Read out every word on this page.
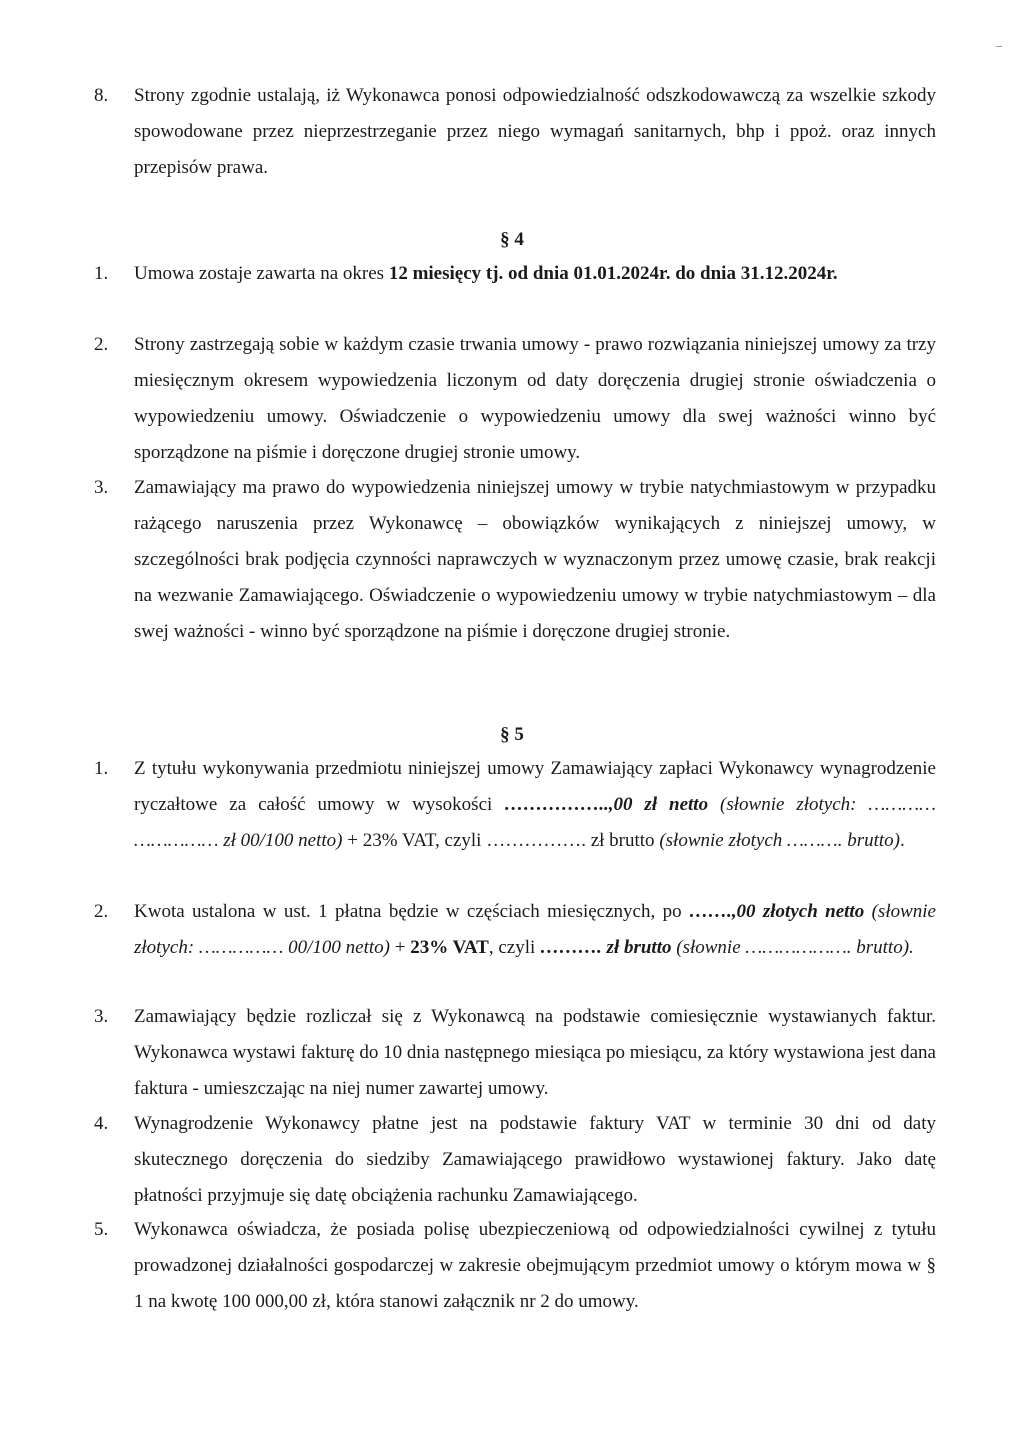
8.	Strony zgodnie ustalają, iż Wykonawca ponosi odpowiedzialność odszkodowawczą za wszelkie szkody spowodowane przez nieprzestrzeganie przez niego wymagań sanitarnych, bhp i ppoż. oraz innych przepisów prawa.
§ 4
1.	Umowa zostaje zawarta na okres 12 miesięcy tj. od dnia 01.01.2024r. do dnia 31.12.2024r.
2.	Strony zastrzegają sobie w każdym czasie trwania umowy - prawo rozwiązania niniejszej umowy za trzy miesięcznym okresem wypowiedzenia liczonym od daty doręczenia drugiej stronie oświadczenia o wypowiedzeniu umowy. Oświadczenie o wypowiedzeniu umowy dla swej ważności winno być sporządzone na piśmie i doręczone drugiej stronie umowy.
3.	Zamawiający ma prawo do wypowiedzenia niniejszej umowy w trybie natychmiastowym w przypadku rażącego naruszenia przez Wykonawcę – obowiązków wynikających z niniejszej umowy, w szczególności brak podjęcia czynności naprawczych w wyznaczonym przez umowę czasie, brak reakcji na wezwanie Zamawiającego. Oświadczenie o wypowiedzeniu umowy w trybie natychmiastowym – dla swej ważności - winno być sporządzone na piśmie i doręczone drugiej stronie.
§ 5
1.	Z tytułu wykonywania przedmiotu niniejszej umowy Zamawiający zapłaci Wykonawcy wynagrodzenie ryczałtowe za całość umowy w wysokości ……………..,00 zł netto (słownie złotych: ………… …………… zł 00/100 netto) + 23% VAT, czyli ……………. zł brutto (słownie złotych ………. brutto).
2.	Kwota ustalona w ust. 1 płatna będzie w częściach miesięcznych, po …….,00 złotych netto (słownie złotych: …………… 00/100 netto) + 23% VAT, czyli ………. zł brutto (słownie ………………. brutto).
3.	Zamawiający będzie rozliczał się z Wykonawcą na podstawie comiesięcznie wystawianych faktur. Wykonawca wystawi fakturę do 10 dnia następnego miesiąca po miesiącu, za który wystawiona jest dana faktura - umieszczając na niej numer zawartej umowy.
4.	Wynagrodzenie Wykonawcy płatne jest na podstawie faktury VAT w terminie 30 dni od daty skutecznego doręczenia do siedziby Zamawiającego prawidłowo wystawionej faktury. Jako datę płatności przyjmuje się datę obciążenia rachunku Zamawiającego.
5.	Wykonawca oświadcza, że posiada polisę ubezpieczeniową od odpowiedzialności cywilnej z tytułu prowadzonej działalności gospodarczej w zakresie obejmującym przedmiot umowy o którym mowa w § 1 na kwotę 100 000,00 zł, która stanowi załącznik nr 2 do umowy.
